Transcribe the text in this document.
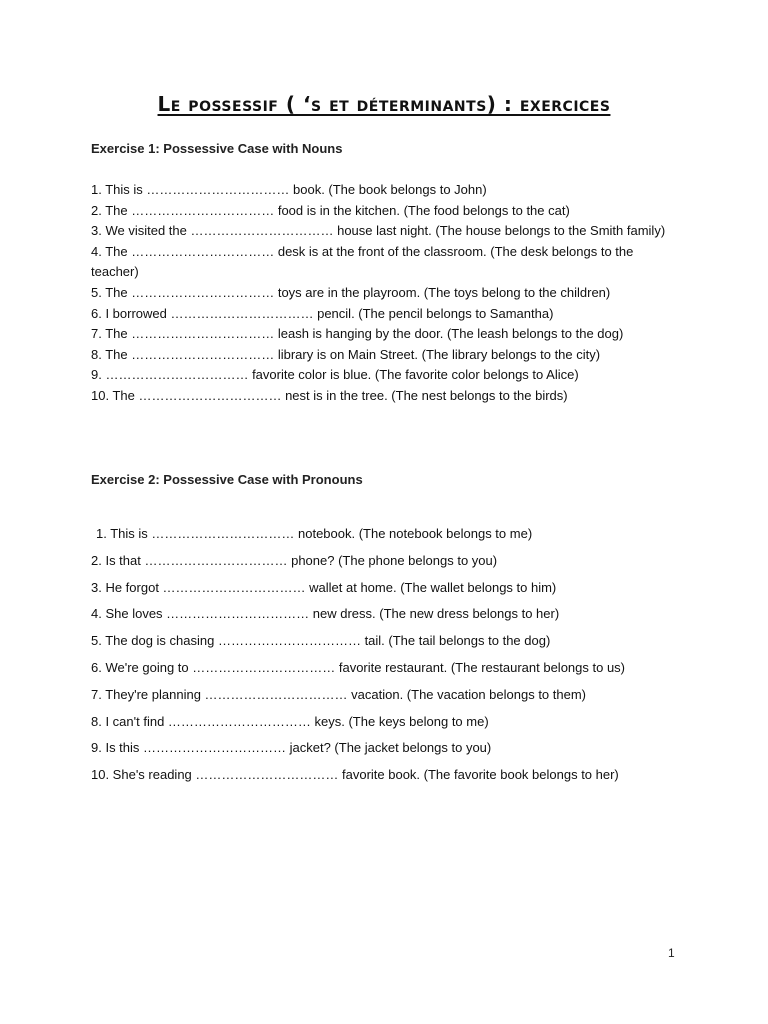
Le possessif ( ‘s et déterminants) : exercices
Exercise 1: Possessive Case with Nouns

1. This is …………………………… book. (The book belongs to John)

2. The …………………………… food is in the kitchen. (The food belongs to the cat)

3. We visited the …………………………… house last night. (The house belongs to the Smith family)

4. The …………………………… desk is at the front of the classroom. (The desk belongs to the teacher)

5. The …………………………… toys are in the playroom. (The toys belong to the children)

6. I borrowed …………………………… pencil. (The pencil belongs to Samantha)

7. The …………………………… leash is hanging by the door. (The leash belongs to the dog)

8. The …………………………… library is on Main Street. (The library belongs to the city)

9. …………………………… favorite color is blue. (The favorite color belongs to Alice)

10. The …………………………… nest is in the tree. (The nest belongs to the birds)

Exercise 2: Possessive Case with Pronouns

1. This is …………………………… notebook. (The notebook belongs to me)

2. Is that …………………………… phone? (The phone belongs to you)

3. He forgot …………………………… wallet at home. (The wallet belongs to him)

4. She loves …………………………… new dress. (The new dress belongs to her)

5. The dog is chasing …………………………… tail. (The tail belongs to the dog)

6. We're going to …………………………… favorite restaurant. (The restaurant belongs to us)

7. They're planning …………………………… vacation. (The vacation belongs to them)

8. I can't find …………………………… keys. (The keys belong to me)

9. Is this …………………………… jacket? (The jacket belongs to you)

10. She's reading …………………………… favorite book. (The favorite book belongs to her)

1
